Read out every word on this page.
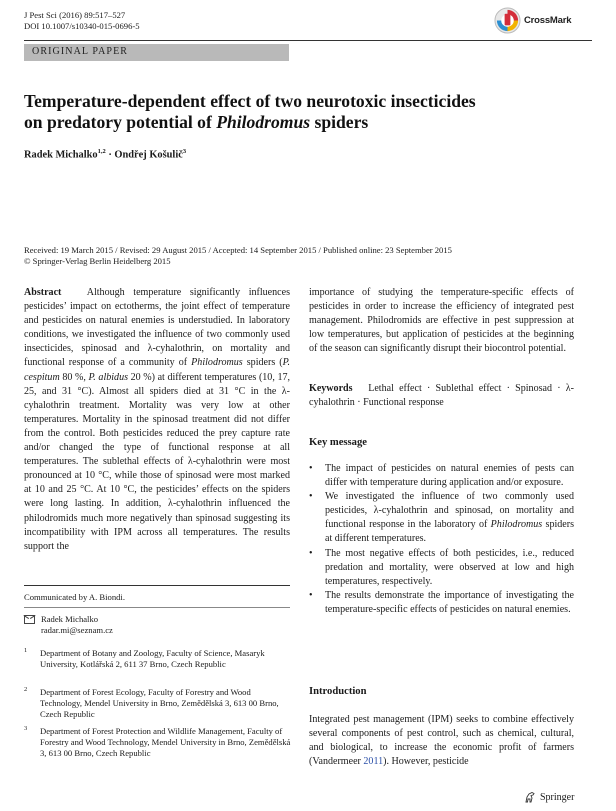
J Pest Sci (2016) 89:517–527
DOI 10.1007/s10340-015-0696-5	CrossMark
ORIGINAL PAPER
Temperature-dependent effect of two neurotoxic insecticides
on predatory potential of Philodromus spiders
Radek Michalko$^{1,2}$ · Ondřej Košulič$^3$
Received: 19 March 2015 / Revised: 29 August 2015 / Accepted: 14 September 2015 / Published online: 23 September 2015
© Springer-Verlag Berlin Heidelberg 2015
Abstract	Although temperature significantly influences pesticides’ impact on ectotherms, the joint effect of temperature and pesticides on natural enemies is understudied. In laboratory conditions, we investigated the influence of two commonly used insecticides, spinosad and λ-cyhalothrin, on mortality and functional response of a community of Philodromus spiders (P. cespitum 80 %, P. albidus 20 %) at different temperatures (10, 17, 25, and 31 °C). Almost all spiders died at 31 °C in the λ-cyhalothrin treatment. Mortality was very low at other temperatures. Mortality in the spinosad treatment did not differ from the control. Both pesticides reduced the prey capture rate and/or changed the type of functional response at all temperatures. The sublethal effects of λ-cyhalothrin were most pronounced at 10 °C, while those of spinosad were most marked at 10 and 25 °C. At 10 °C, the pesticides’ effects on the spiders were long lasting. In addition, λ-cyhalothrin influenced the philodromids much more negatively than spinosad suggesting its incompatibility with IPM across all temperatures. The results support the
importance of studying the temperature-specific effects of pesticides in order to increase the efficiency of integrated pest management. Philodromids are effective in pest suppression at low temperatures, but application of pesticides at the beginning of the season can significantly disrupt their biocontrol potential.
Keywords Lethal effect · Sublethal effect · Spinosad · λ-cyhalothrin · Functional response
Key message
• The impact of pesticides on natural enemies of pests can differ with temperature during application and/or exposure.
• We investigated the influence of two commonly used pesticides, λ-cyhalothrin and spinosad, on mortality and functional response in the laboratory of Philodromus spiders at different temperatures.
• The most negative effects of both pesticides, i.e., reduced predation and mortality, were observed at low and high temperatures, respectively.
• The results demonstrate the importance of investigating the temperature-specific effects of pesticides on natural enemies.
Introduction
Integrated pest management (IPM) seeks to combine effectively several components of pest control, such as chemical, cultural, and biological, to increase the economic profit of farmers (Vandermeer 2011). However, pesticide
Communicated by A. Biondi.
Radek Michalko
radar.mi@seznam.cz
1 Department of Botany and Zoology, Faculty of Science, Masaryk University, Kotlářská 2, 611 37 Brno, Czech Republic
2 Department of Forest Ecology, Faculty of Forestry and Wood Technology, Mendel University in Brno, Zemědělská 3, 613 00 Brno, Czech Republic
3 Department of Forest Protection and Wildlife Management, Faculty of Forestry and Wood Technology, Mendel University in Brno, Zemědělská 3, 613 00 Brno, Czech Republic
Springer
